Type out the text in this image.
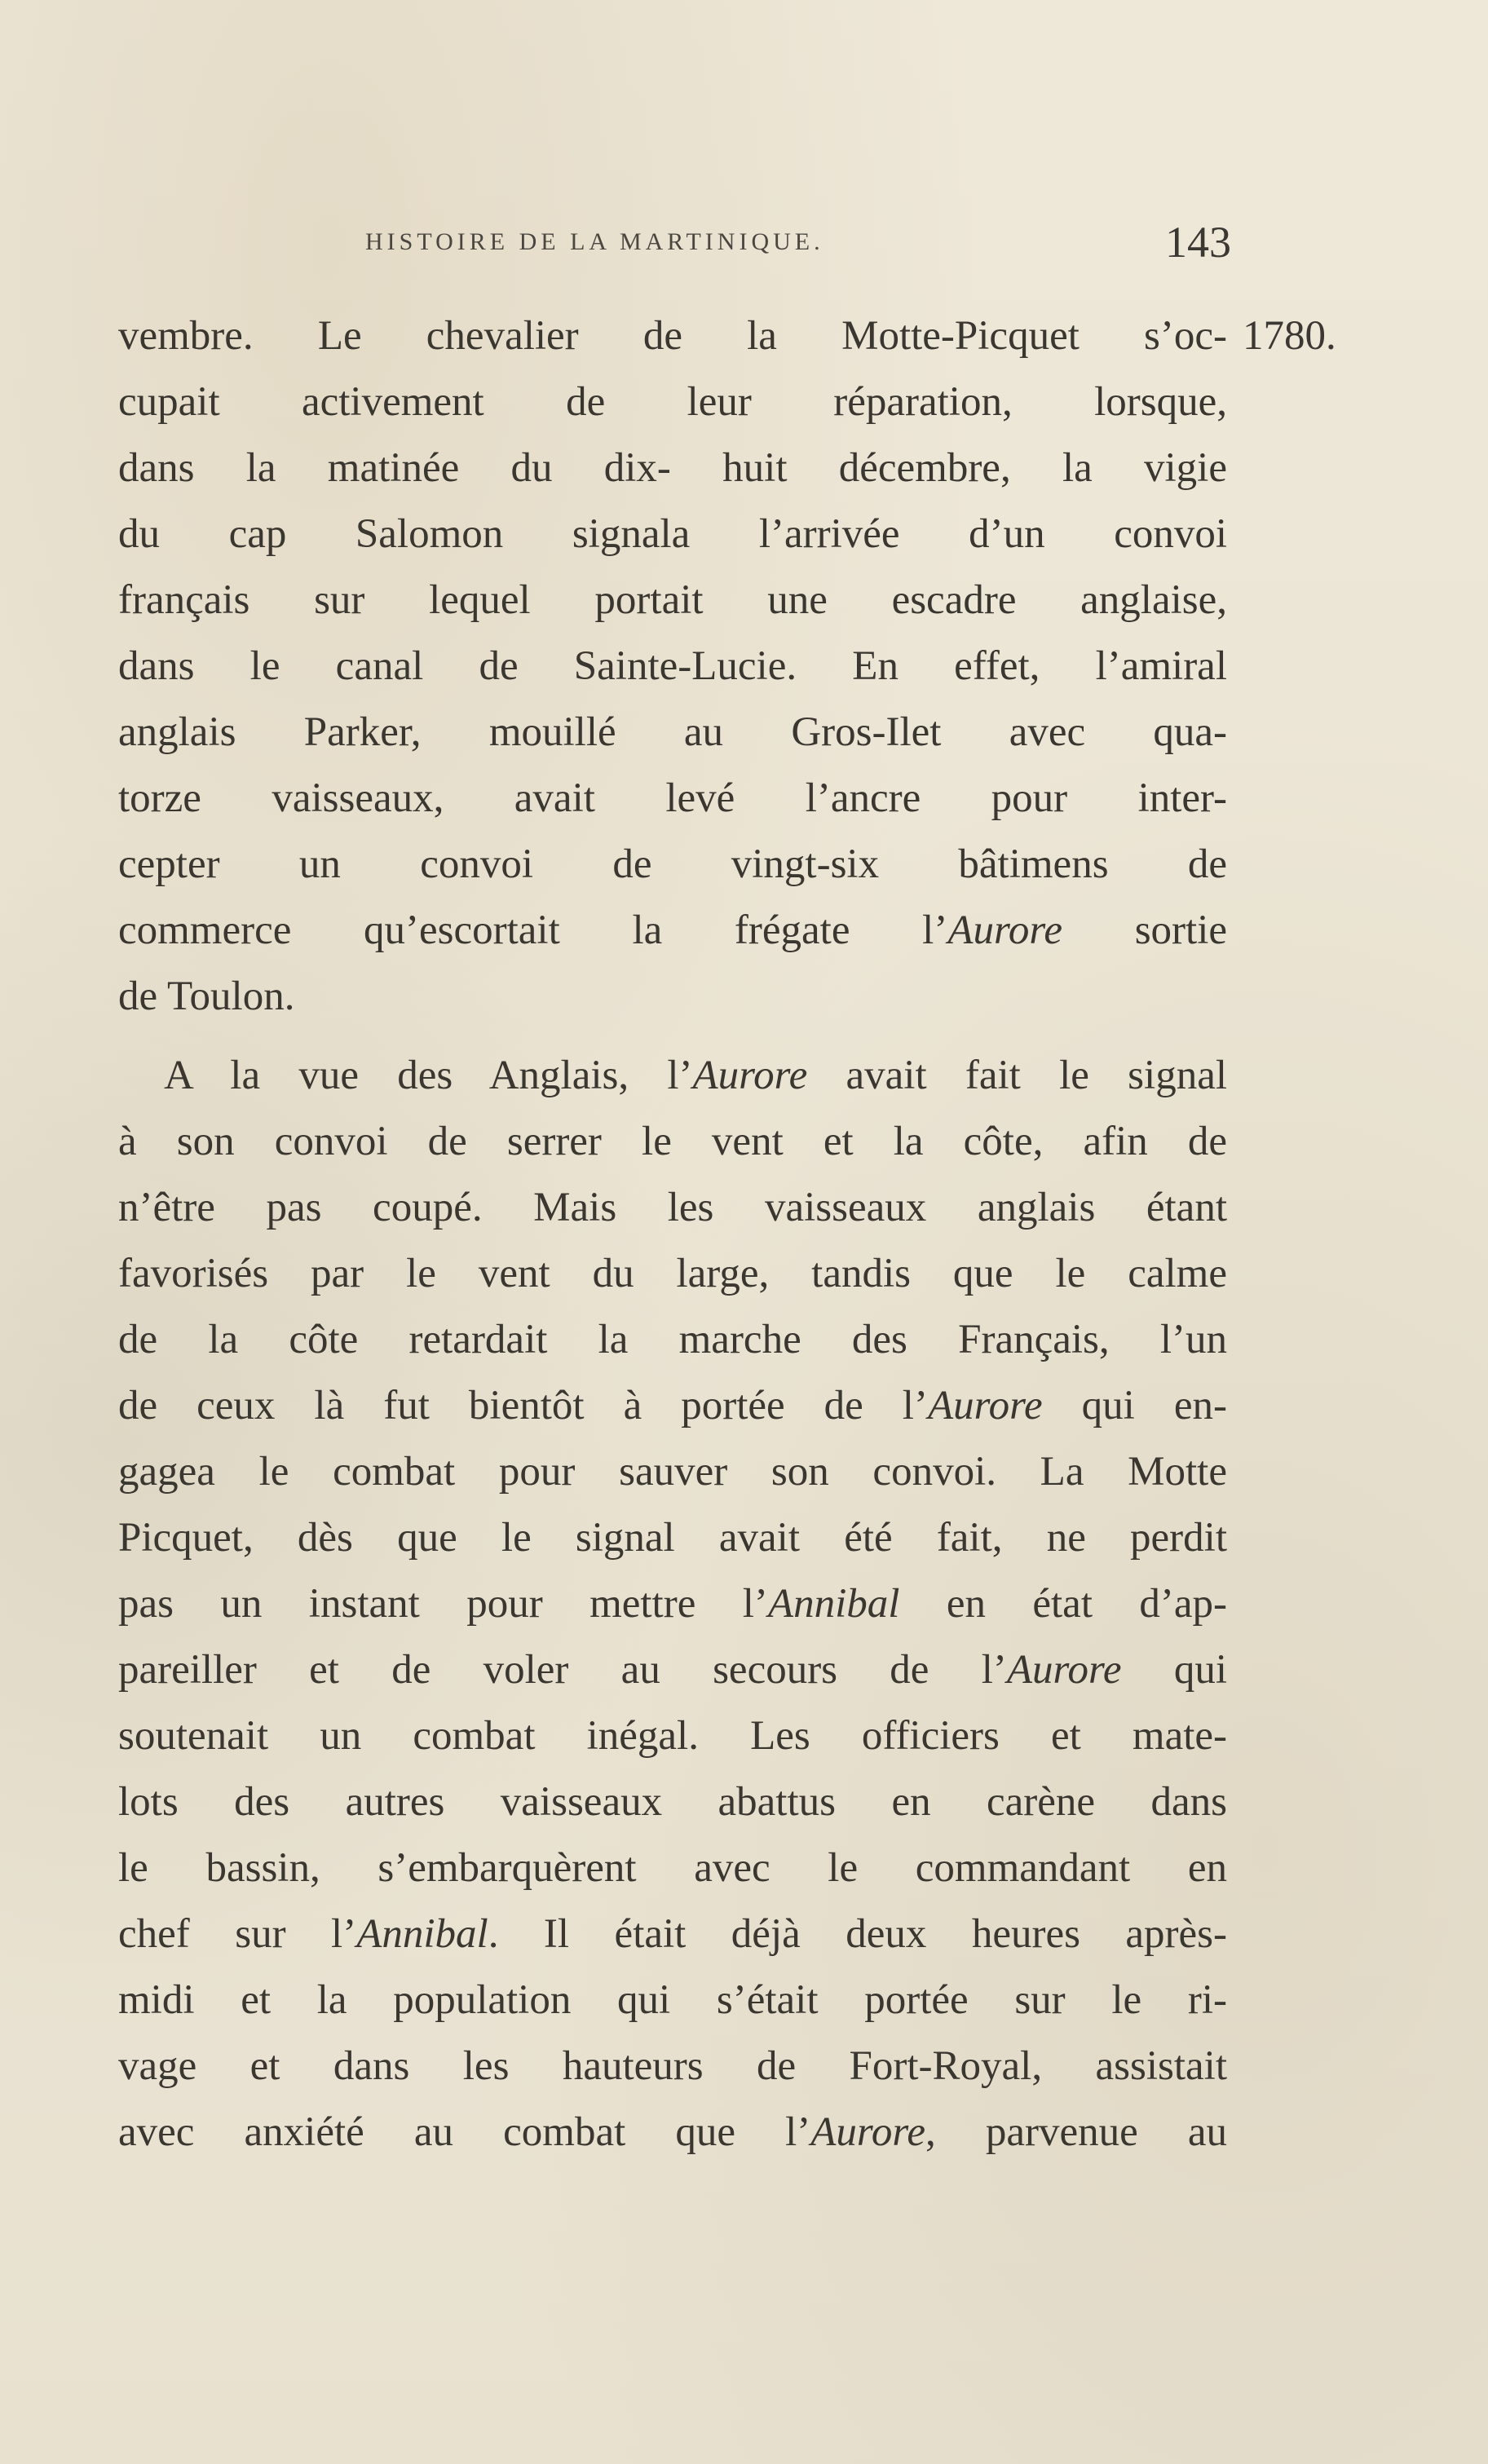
HISTOIRE DE LA MARTINIQUE.	143
1780.
vembre. Le chevalier de la Motte-Picquet s’oc-
cupait activement de leur réparation, lorsque,
dans la matinée du dix- huit décembre, la vigie
du cap Salomon signala l’arrivée d’un convoi
français sur lequel portait une escadre anglaise,
dans le canal de Sainte-Lucie. En effet, l’amiral
anglais Parker, mouillé au Gros-Ilet avec qua-
torze vaisseaux, avait levé l’ancre pour inter-
cepter un convoi de vingt-six bâtimens de
commerce qu’escortait la frégate l’Aurore sortie
de Toulon.
A la vue des Anglais, l’Aurore avait fait le signal
à son convoi de serrer le vent et la côte, afin de
n’être pas coupé. Mais les vaisseaux anglais étant
favorisés par le vent du large, tandis que le calme
de la côte retardait la marche des Français, l’un
de ceux là fut bientôt à portée de l’Aurore qui en-
gagea le combat pour sauver son convoi. La Motte
Picquet, dès que le signal avait été fait, ne perdit
pas un instant pour mettre l’Annibal en état d’ap-
pareiller et de voler au secours de l’Aurore qui
soutenait un combat inégal. Les officiers et mate-
lots des autres vaisseaux abattus en carène dans
le bassin, s’embarquèrent avec le commandant en
chef sur l’Annibal. Il était déjà deux heures après-
midi et la population qui s’était portée sur le ri-
vage et dans les hauteurs de Fort-Royal, assistait
avec anxiété au combat que l’Aurore, parvenue au
